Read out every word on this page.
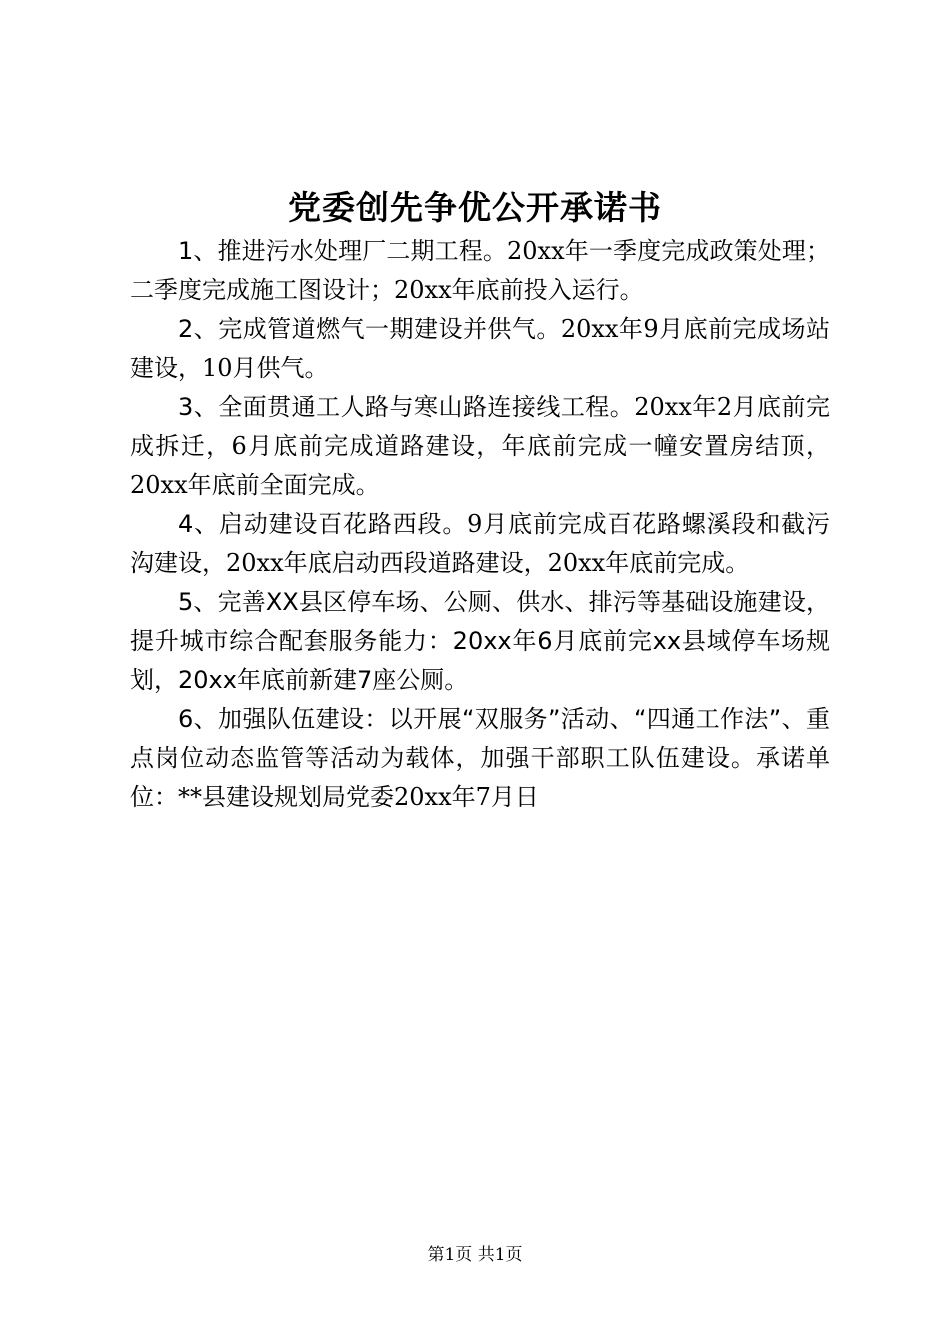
党委创先争优公开承诺书

1、推进污水处理厂二期工程。20xx年一季度完成政策处理；二季度完成施工图设计；20xx年底前投入运行。

2、完成管道燃气一期建设并供气。20xx年9月底前完成场站建设，10月供气。

3、全面贯通工人路与寒山路连接线工程。20xx年2月底前完成拆迁，6月底前完成道路建设，年底前完成一幢安置房结顶，20xx年底前全面完成。

4、启动建设百花路西段。9月底前完成百花路螺溪段和截污沟建设，20xx年底启动西段道路建设，20xx年底前完成。

5、完善XX县区停车场、公厕、供水、排污等基础设施建设，提升城市综合配套服务能力：20xx年6月底前完xx县域停车场规划，20xx年底前新建7座公厕。

6、加强队伍建设：以开展“双服务”活动、“四通工作法”、重点岗位动态监管等活动为载体，加强干部职工队伍建设。承诺单位：**县建设规划局党委20xx年7月日

第1页 共1页
